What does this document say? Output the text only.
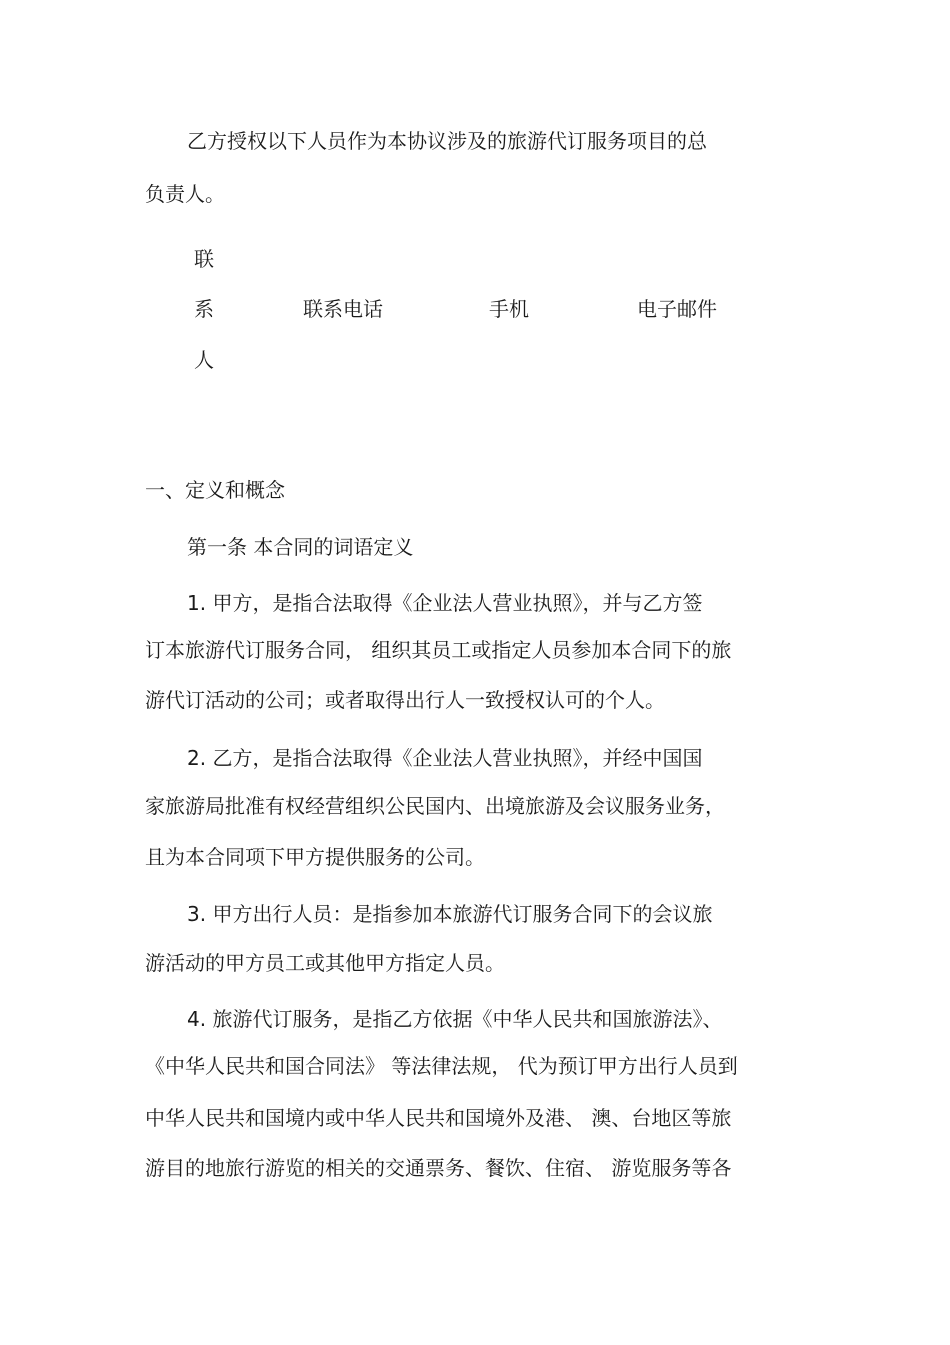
乙方授权以下人员作为本协议涉及的旅游代订服务项目的总
负责人。
联
系
人
联系电话	手机	电子邮件
一、定义和概念
第一条 本合同的词语定义
1. 甲方，是指合法取得《企业法人营业执照》，并与乙方签
订本旅游代订服务合同， 组织其员工或指定人员参加本合同下的旅
游代订活动的公司；或者取得出行人一致授权认可的个人。
2. 乙方，是指合法取得《企业法人营业执照》，并经中国国
家旅游局批准有权经营组织公民国内、出境旅游及会议服务业务，
且为本合同项下甲方提供服务的公司。
3. 甲方出行人员：是指参加本旅游代订服务合同下的会议旅
游活动的甲方员工或其他甲方指定人员。
4. 旅游代订服务，是指乙方依据《中华人民共和国旅游法》、
《中华人民共和国合同法》 等法律法规， 代为预订甲方出行人员到
中华人民共和国境内或中华人民共和国境外及港、 澳、台地区等旅
游目的地旅行游览的相关的交通票务、餐饮、住宿、 游览服务等各
